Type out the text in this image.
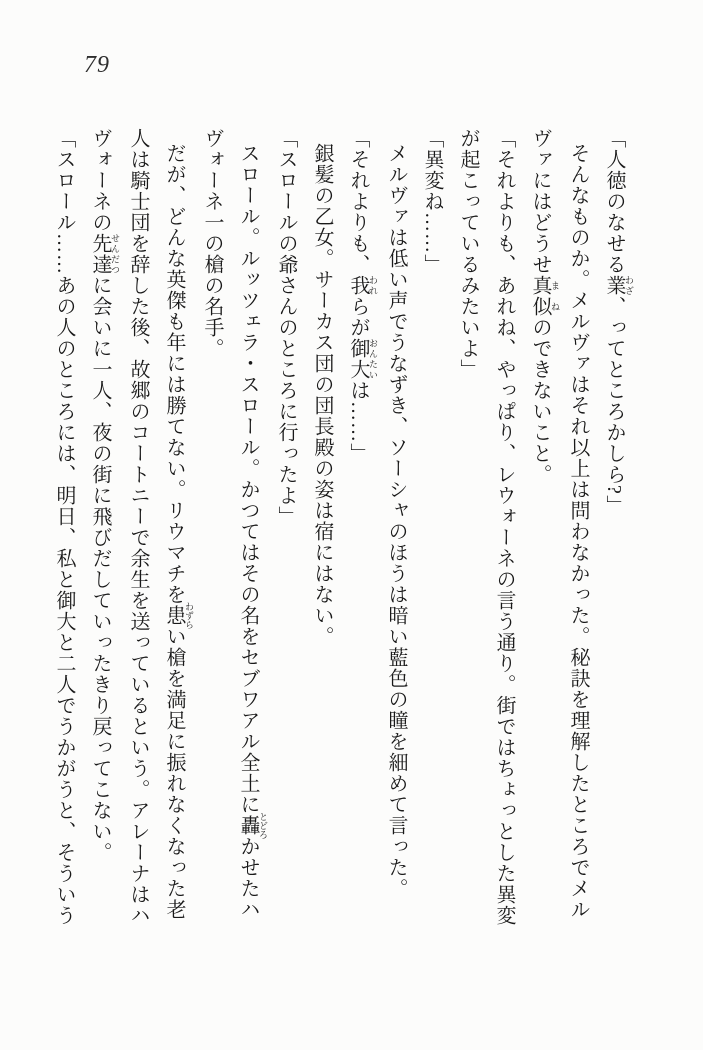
79

「人徳のなせる業 わざ、ってところかしら?」

そんなものか。メルヴァはそれ以上は問わなかった。秘訣を理解したところでメル

ヴァにはどうせ真似 まねのできないこと。

「それよりも、あれね、やっぱり、レウォーネの言う通り。街ではちょっとした異変

が起こっているみたいよ」

「異変ね……」

メルヴァは低い声でうなずき、ソーシャのほうは暗い藍色の瞳を細めて言った。

「それよりも、我 われらが御大 おんたいは……」

銀髪の乙女。サーカス団の団長殿の姿は宿にはない。

「スロールの爺さんのところに行ったよ」

スロール。ルッツェラ・スロール。かつてはその名をセブワアル全土に轟 とどろかせたハ

ヴォーネ一の槍の名手。

だが、どんな英傑も年には勝てない。リウマチを患 わずらい槍を満足に振れなくなった老

人は騎士団を辞した後、故郷のコートニーで余生を送っているという。アレーナはハ

ヴォーネの先達 せんだつに会いに一人、夜の街に飛びだしていったきり戻ってこない。

「スロール……あの人のところには、明日、私と御大と二人でうかがうと、そういう
